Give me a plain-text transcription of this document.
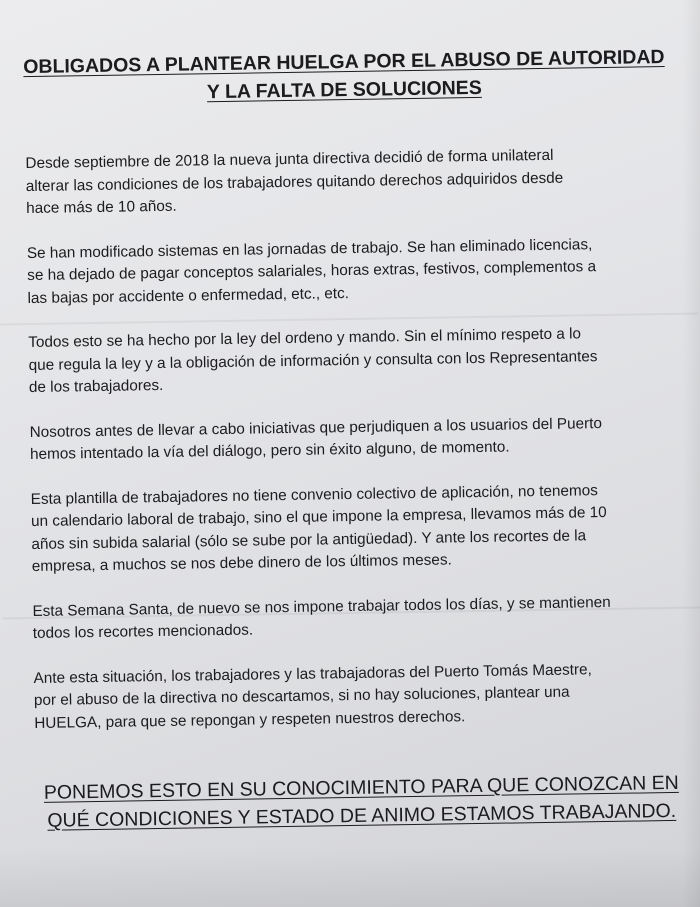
OBLIGADOS A PLANTEAR HUELGA POR EL ABUSO DE AUTORIDAD
Y LA FALTA DE SOLUCIONES

Desde septiembre de 2018 la nueva junta directiva decidió de forma unilateral
alterar las condiciones de los trabajadores quitando derechos adquiridos desde
hace más de 10 años.

Se han modificado sistemas en las jornadas de trabajo. Se han eliminado licencias,
se ha dejado de pagar conceptos salariales, horas extras, festivos, complementos a
las bajas por accidente o enfermedad, etc., etc.

Todos esto se ha hecho por la ley del ordeno y mando. Sin el mínimo respeto a lo
que regula la ley y a la obligación de información y consulta con los Representantes
de los trabajadores.

Nosotros antes de llevar a cabo iniciativas que perjudiquen a los usuarios del Puerto
hemos intentado la vía del diálogo, pero sin éxito alguno, de momento.

Esta plantilla de trabajadores no tiene convenio colectivo de aplicación, no tenemos
un calendario laboral de trabajo, sino el que impone la empresa, llevamos más de 10
años sin subida salarial (sólo se sube por la antigüedad). Y ante los recortes de la
empresa, a muchos se nos debe dinero de los últimos meses.

Esta Semana Santa, de nuevo se nos impone trabajar todos los días, y se mantienen
todos los recortes mencionados.

Ante esta situación, los trabajadores y las trabajadoras del Puerto Tomás Maestre,
por el abuso de la directiva no descartamos, si no hay soluciones, plantear una
HUELGA, para que se repongan y respeten nuestros derechos.

PONEMOS ESTO EN SU CONOCIMIENTO PARA QUE CONOZCAN EN
QUÉ CONDICIONES Y ESTADO DE ANIMO ESTAMOS TRABAJANDO.
